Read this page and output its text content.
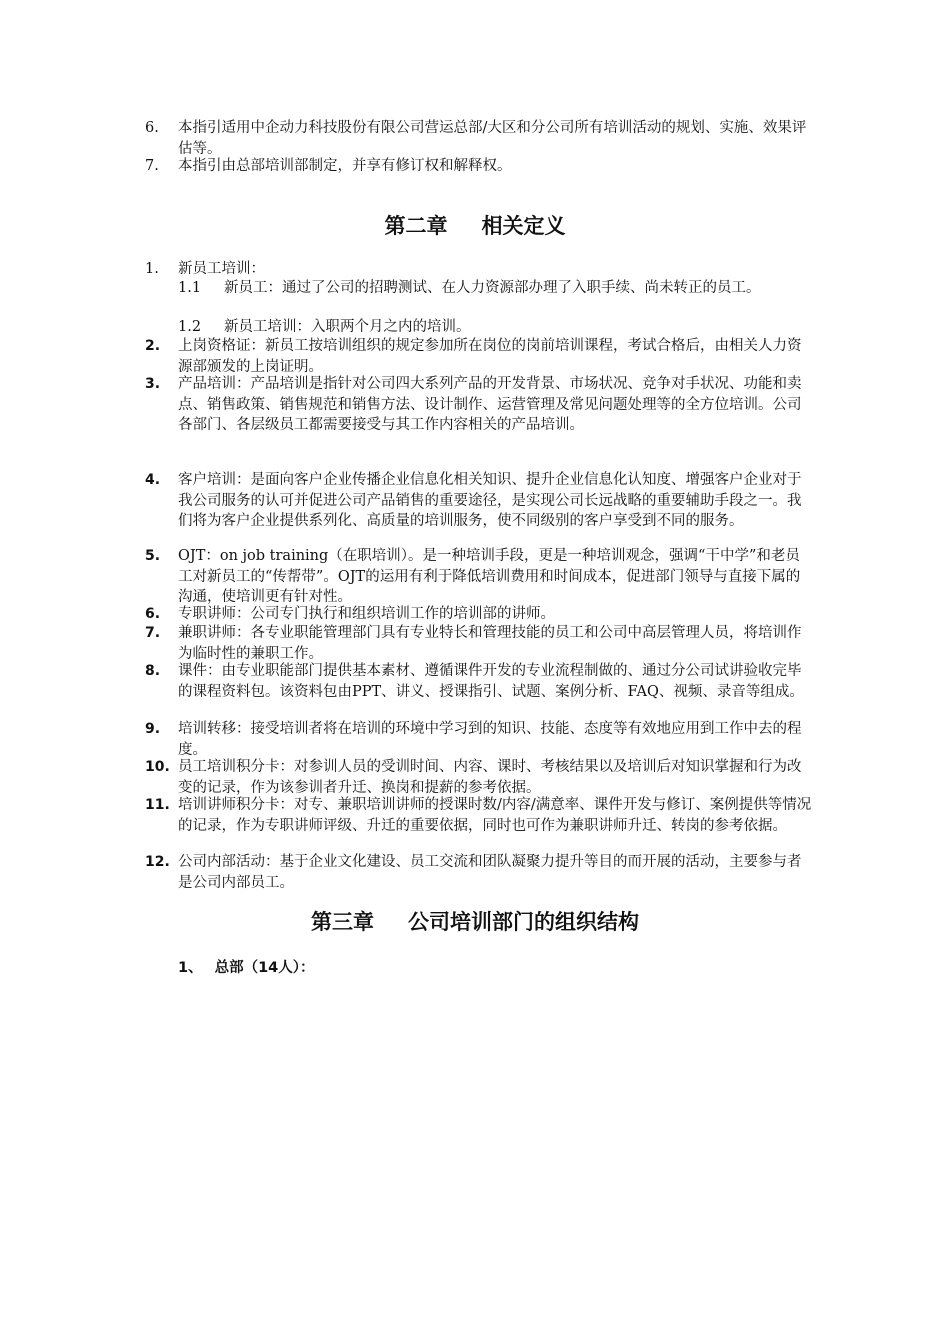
6.	本指引适用中企动力科技股份有限公司营运总部/大区和分公司所有培训活动的规划、实施、效果评估等。
7.	本指引由总部培训部制定，并享有修订权和解释权。
第二章 相关定义
1.	新员工培训：
1.1	新员工：通过了公司的招聘测试、在人力资源部办理了入职手续、尚未转正的员工。
1.2	新员工培训：入职两个月之内的培训。
2.	上岗资格证：新员工按培训组织的规定参加所在岗位的岗前培训课程，考试合格后，由相关人力资源部颁发的上岗证明。
3.	产品培训：产品培训是指针对公司四大系列产品的开发背景、市场状况、竞争对手状况、功能和卖点、销售政策、销售规范和销售方法、设计制作、运营管理及常见问题处理等的全方位培训。公司各部门、各层级员工都需要接受与其工作内容相关的产品培训。
4.	客户培训：是面向客户企业传播企业信息化相关知识、提升企业信息化认知度、增强客户企业对于我公司服务的认可并促进公司产品销售的重要途径，是实现公司长远战略的重要辅助手段之一。我们将为客户企业提供系列化、高质量的培训服务，使不同级别的客户享受到不同的服务。
5.	OJT：on job training（在职培训）。是一种培训手段，更是一种培训观念，强调“干中学”和老员工对新员工的“传帮带”。OJT的运用有利于降低培训费用和时间成本，促进部门领导与直接下属的沟通，使培训更有针对性。
6.	专职讲师：公司专门执行和组织培训工作的培训部的讲师。
7.	兼职讲师：各专业职能管理部门具有专业特长和管理技能的员工和公司中高层管理人员，将培训作为临时性的兼职工作。
8.	课件：由专业职能部门提供基本素材、遵循课件开发的专业流程制做的、通过分公司试讲验收完毕的课程资料包。该资料包由PPT、讲义、授课指引、试题、案例分析、FAQ、视频、录音等组成。
9.	培训转移：接受培训者将在培训的环境中学习到的知识、技能、态度等有效地应用到工作中去的程度。
10. 员工培训积分卡：对参训人员的受训时间、内容、课时、考核结果以及培训后对知识掌握和行为改变的记录，作为该参训者升迁、换岗和提薪的参考依据。
11. 培训讲师积分卡：对专、兼职培训讲师的授课时数/内容/满意率、课件开发与修订、案例提供等情况的记录，作为专职讲师评级、升迁的重要依据，同时也可作为兼职讲师升迁、转岗的参考依据。
12. 公司内部活动：基于企业文化建设、员工交流和团队凝聚力提升等目的而开展的活动，主要参与者是公司内部员工。
第三章 公司培训部门的组织结构
1、 总部（14人）：
